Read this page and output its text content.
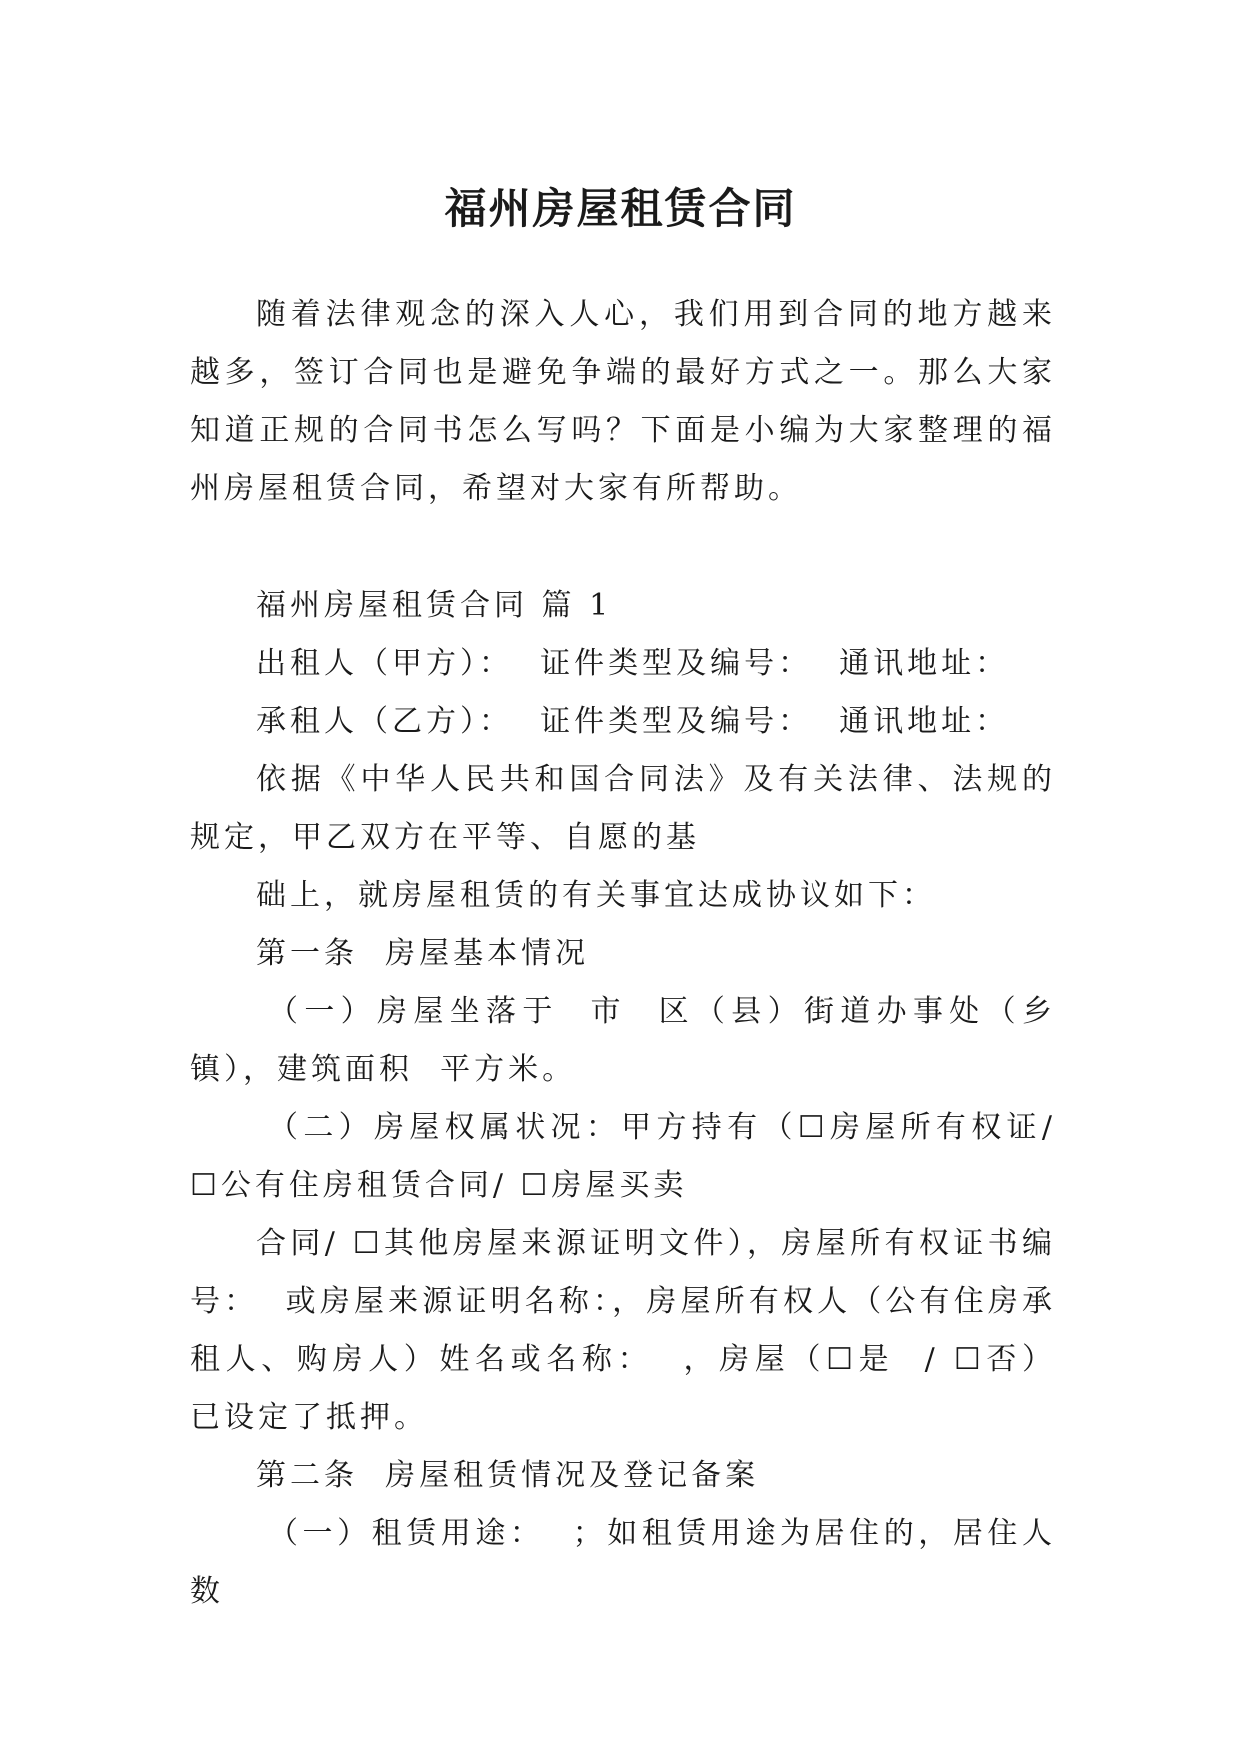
福州房屋租赁合同

随着法律观念的深入人心，我们用到合同的地方越来越多，签订合同也是避免争端的最好方式之一。那么大家知道正规的合同书怎么写吗？下面是小编为大家整理的福州房屋租赁合同，希望对大家有所帮助。

福州房屋租赁合同 篇 1

出租人（甲方）：  证件类型及编号：  通讯地址：

承租人（乙方）：  证件类型及编号：  通讯地址：

依据《中华人民共和国合同法》及有关法律、法规的规定，甲乙双方在平等、自愿的基

础上，就房屋租赁的有关事宜达成协议如下：

第一条  房屋基本情况

（一）房屋坐落于  市  区（县）街道办事处（乡镇），建筑面积  平方米。

（二）房屋权属状况：甲方持有（☐房屋所有权证/ ☐公有住房租赁合同/ ☐房屋买卖

合同/ ☐其他房屋来源证明文件），房屋所有权证书编号：  或房屋来源证明名称：，房屋所有权人（公有住房承租人、购房人）姓名或名称：  ，房屋（☐是  / ☐否）  已设定了抵押。

第二条  房屋租赁情况及登记备案

（一）租赁用途：  ；如租赁用途为居住的，居住人数
